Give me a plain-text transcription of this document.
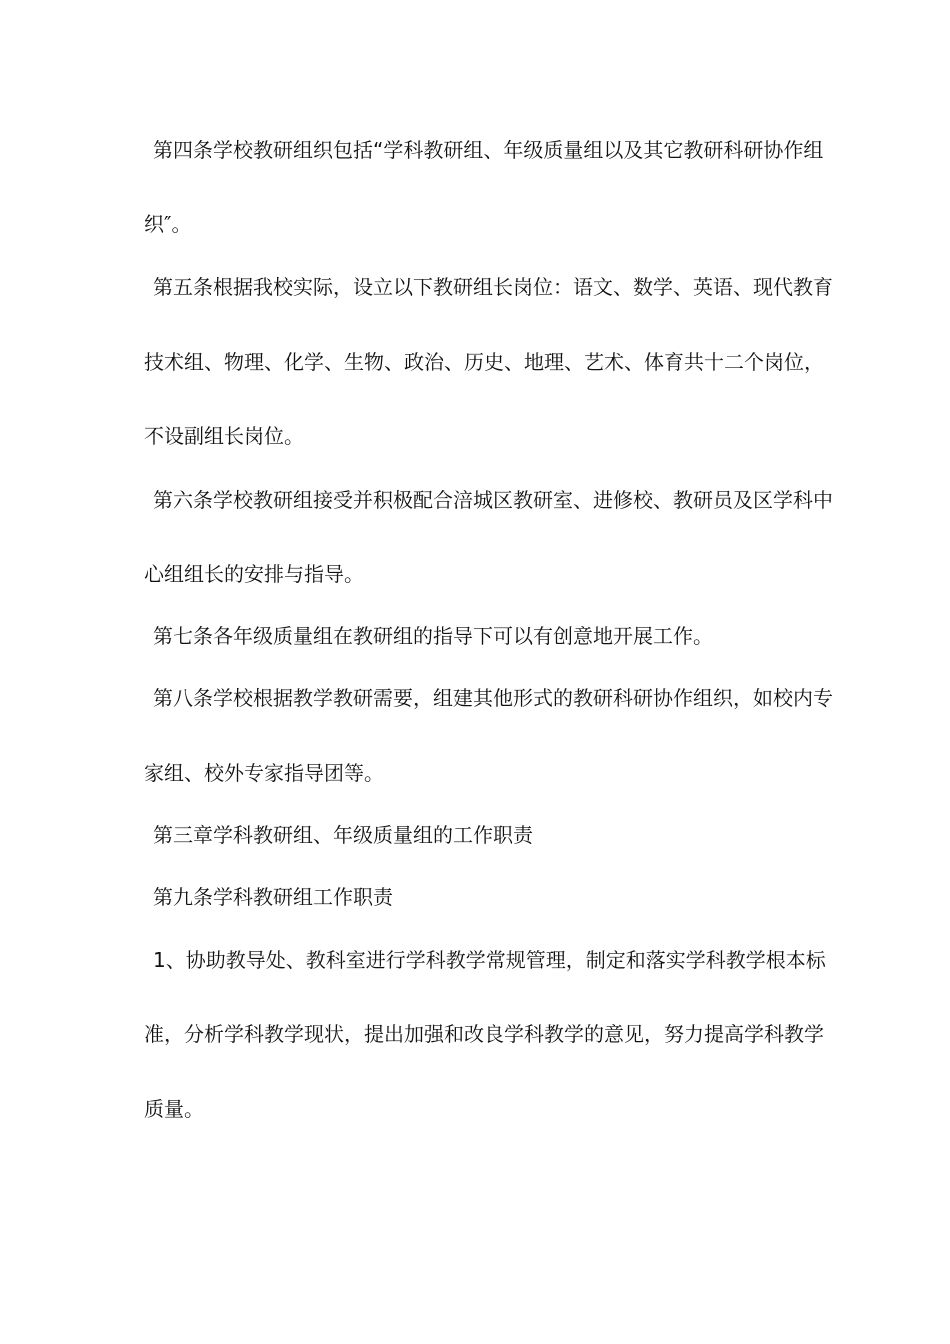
第四条学校教研组织包括“学科教研组、年级质量组以及其它教研科研协作组
织″。
第五条根据我校实际，设立以下教研组长岗位：语文、数学、英语、现代教育
技术组、物理、化学、生物、政治、历史、地理、艺术、体育共十二个岗位，
不设副组长岗位。
第六条学校教研组接受并积极配合涪城区教研室、进修校、教研员及区学科中
心组组长的安排与指导。
第七条各年级质量组在教研组的指导下可以有创意地开展工作。
第八条学校根据教学教研需要，组建其他形式的教研科研协作组织，如校内专
家组、校外专家指导团等。
第三章学科教研组、年级质量组的工作职责
第九条学科教研组工作职责
1、协助教导处、教科室进行学科教学常规管理，制定和落实学科教学根本标
准，分析学科教学现状，提出加强和改良学科教学的意见，努力提高学科教学
质量。
